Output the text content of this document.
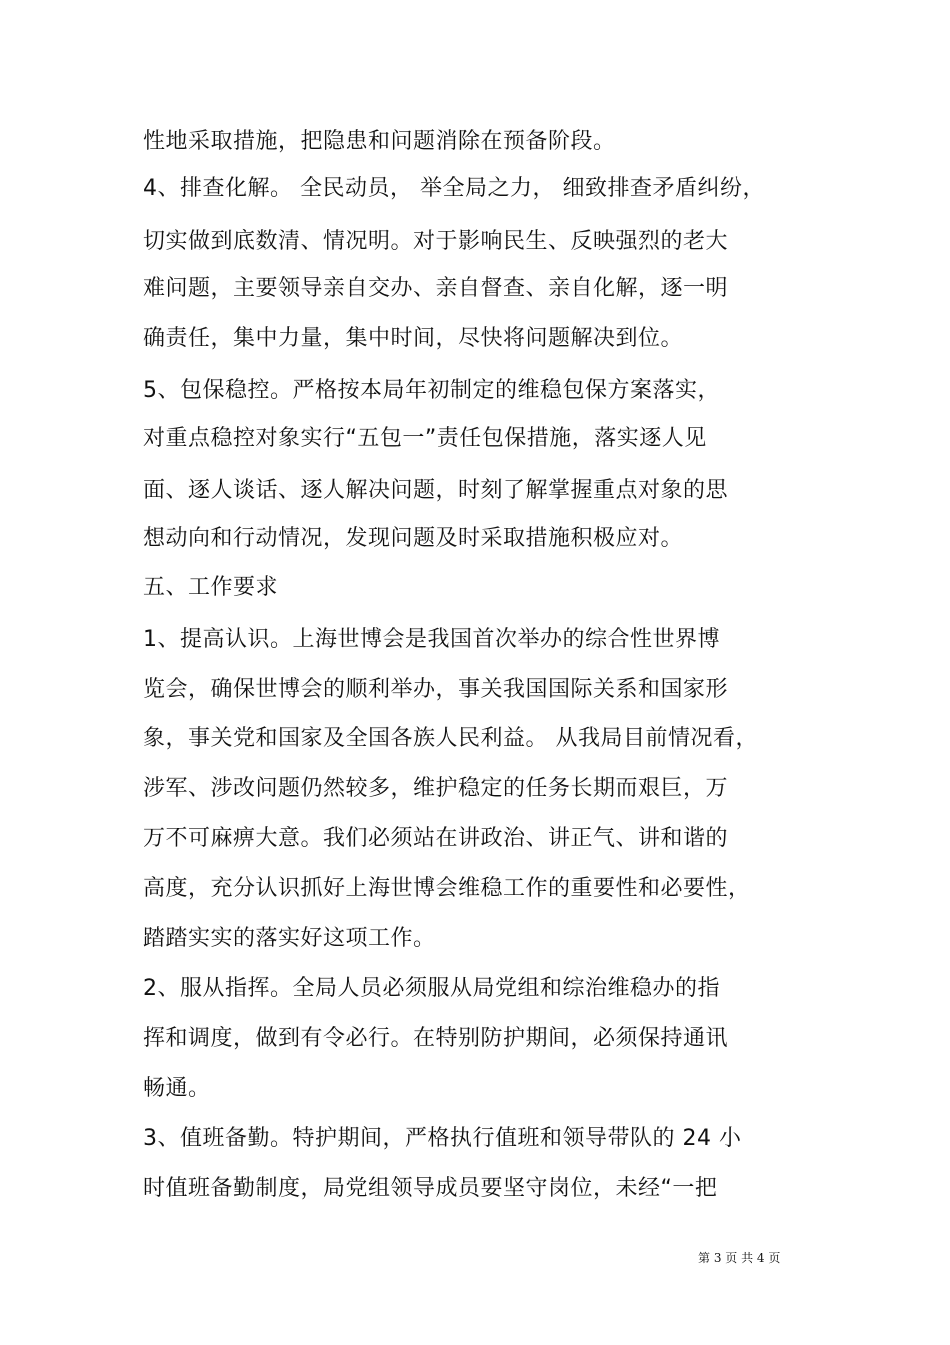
性地采取措施，把隐患和问题消除在预备阶段。
4、排查化解。 全民动员， 举全局之力， 细致排查矛盾纠纷，
切实做到底数清、情况明。对于影响民生、反映强烈的老大
难问题，主要领导亲自交办、亲自督查、亲自化解，逐一明
确责任，集中力量，集中时间，尽快将问题解决到位。
5、包保稳控。严格按本局年初制定的维稳包保方案落实，
对重点稳控对象实行“五包一”责任包保措施，落实逐人见
面、逐人谈话、逐人解决问题，时刻了解掌握重点对象的思
想动向和行动情况，发现问题及时采取措施积极应对。
五、工作要求
1、提高认识。上海世博会是我国首次举办的综合性世界博
览会，确保世博会的顺利举办，事关我国国际关系和国家形
象，事关党和国家及全国各族人民利益。 从我局目前情况看，
涉军、涉改问题仍然较多，维护稳定的任务长期而艰巨，万
万不可麻痹大意。我们必须站在讲政治、讲正气、讲和谐的
高度，充分认识抓好上海世博会维稳工作的重要性和必要性，
踏踏实实的落实好这项工作。
2、服从指挥。全局人员必须服从局党组和综治维稳办的指
挥和调度，做到有令必行。在特别防护期间，必须保持通讯
畅通。
3、值班备勤。特护期间，严格执行值班和领导带队的 24 小
时值班备勤制度，局党组领导成员要坚守岗位，未经“一把
第 3 页 共 4 页
